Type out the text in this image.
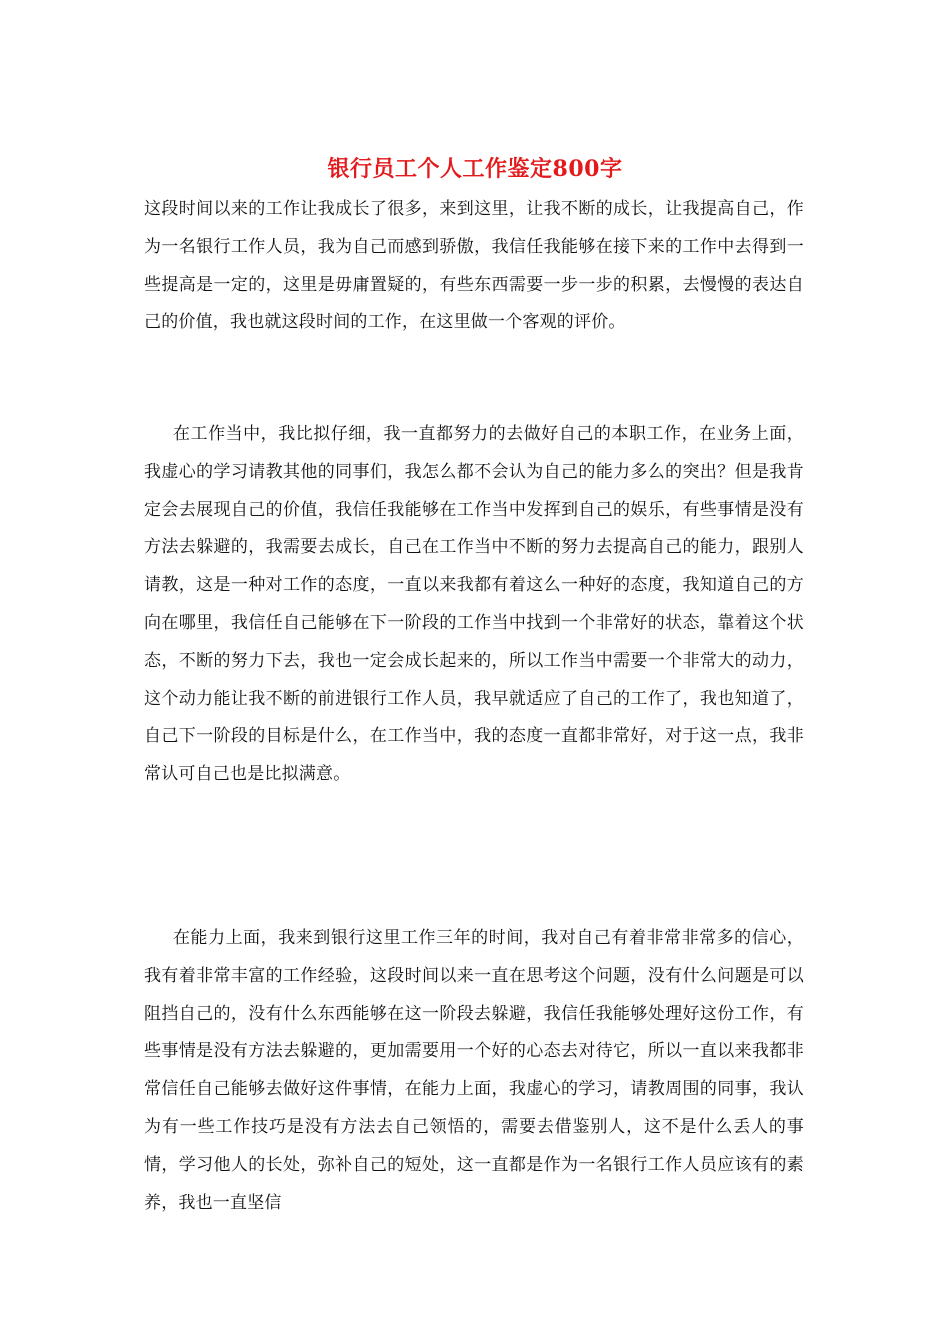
银行员工个人工作鉴定800字

这段时间以来的工作让我成长了很多，来到这里，让我不断的成长，让我提高自己，作为一名银行工作人员，我为自己而感到骄傲，我信任我能够在接下来的工作中去得到一些提高是一定的，这里是毋庸置疑的，有些东西需要一步一步的积累，去慢慢的表达自己的价值，我也就这段时间的工作，在这里做一个客观的评价。

在工作当中，我比拟仔细，我一直都努力的去做好自己的本职工作，在业务上面，我虚心的学习请教其他的同事们，我怎么都不会认为自己的能力多么的突出？但是我肯定会去展现自己的价值，我信任我能够在工作当中发挥到自己的娱乐，有些事情是没有方法去躲避的，我需要去成长，自己在工作当中不断的努力去提高自己的能力，跟别人请教，这是一种对工作的态度，一直以来我都有着这么一种好的态度，我知道自己的方向在哪里，我信任自己能够在下一阶段的工作当中找到一个非常好的状态，靠着这个状态，不断的努力下去，我也一定会成长起来的，所以工作当中需要一个非常大的动力，这个动力能让我不断的前进银行工作人员，我早就适应了自己的工作了，我也知道了，自己下一阶段的目标是什么，在工作当中，我的态度一直都非常好，对于这一点，我非常认可自己也是比拟满意。

在能力上面，我来到银行这里工作三年的时间，我对自己有着非常非常多的信心，我有着非常丰富的工作经验，这段时间以来一直在思考这个问题，没有什么问题是可以阻挡自己的，没有什么东西能够在这一阶段去躲避，我信任我能够处理好这份工作，有些事情是没有方法去躲避的，更加需要用一个好的心态去对待它，所以一直以来我都非常信任自己能够去做好这件事情，在能力上面，我虚心的学习，请教周围的同事，我认为有一些工作技巧是没有方法去自己领悟的，需要去借鉴别人，这不是什么丢人的事情，学习他人的长处，弥补自己的短处，这一直都是作为一名银行工作人员应该有的素养，我也一直坚信
